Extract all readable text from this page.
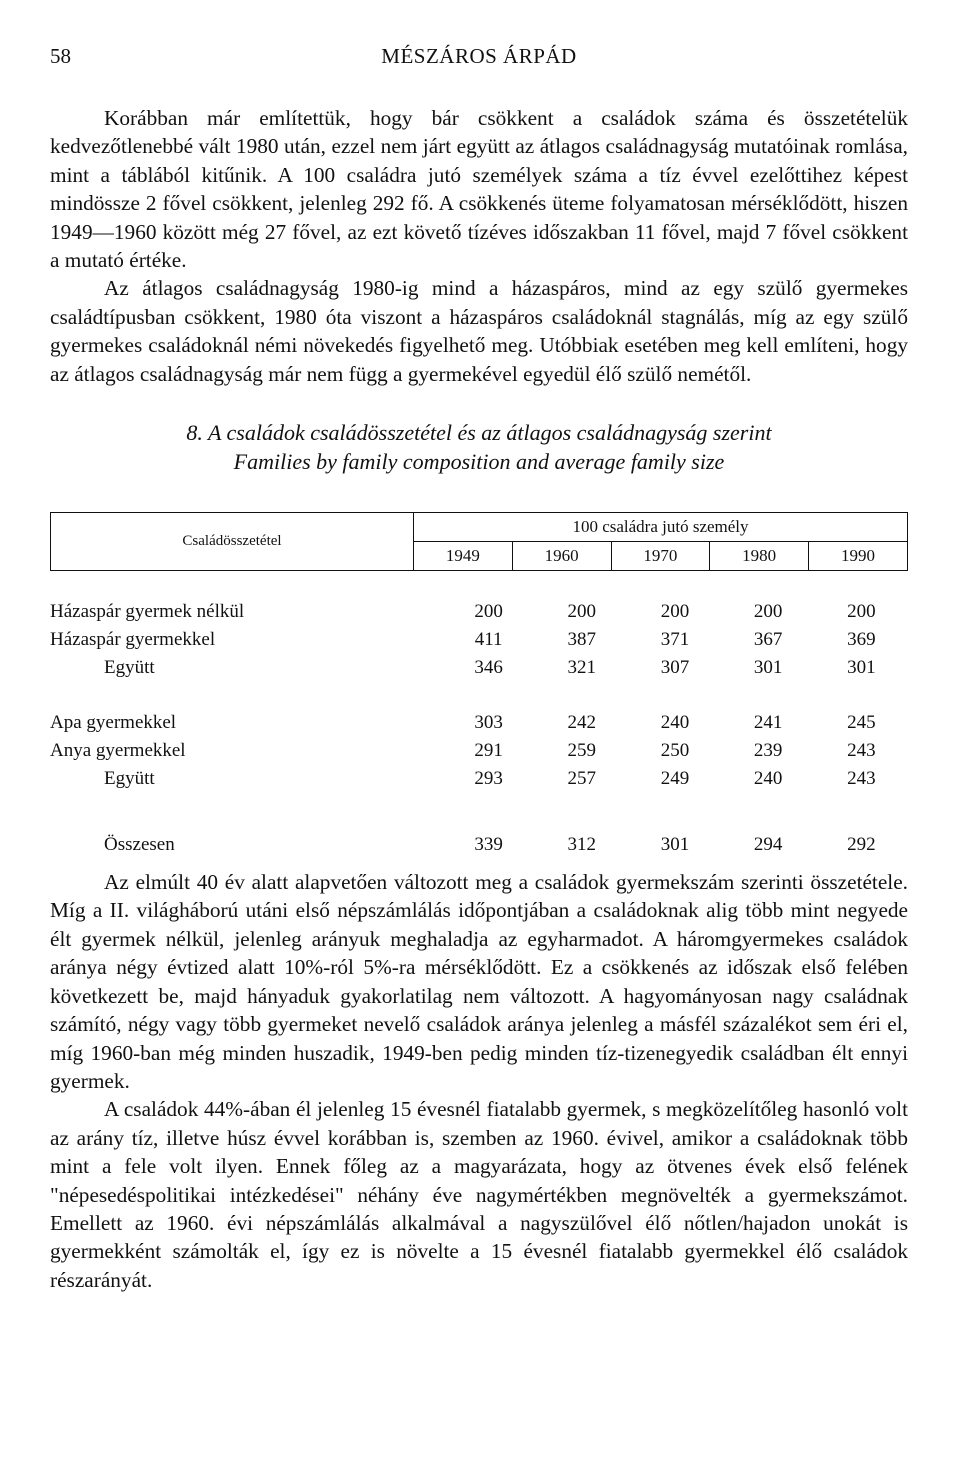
58	MÉSZÁROS ÁRPÁD

Korábban már említettük, hogy bár csökkent a családok száma és összetételük kedvezőtlenebbé vált 1980 után, ezzel nem járt együtt az átlagos családnagyság mutatóinak romlása, mint a táblából kitűnik. A 100 családra jutó személyek száma a tíz évvel ezelőttihez képest mindössze 2 fővel csökkent, jelenleg 292 fő. A csökkenés üteme folyamatosan mérséklődött, hiszen 1949—1960 között még 27 fővel, az ezt követő tízéves időszakban 11 fővel, majd 7 fővel csökkent a mutató értéke.

Az átlagos családnagyság 1980-ig mind a házaspáros, mind az egy szülő gyermekes családtípusban csökkent, 1980 óta viszont a házaspáros családoknál stagnálás, míg az egy szülő gyermekes családoknál némi növekedés figyelhető meg. Utóbbiak esetében meg kell említeni, hogy az átlagos családnagyság már nem függ a gyermekével egyedül élő szülő nemétől.

8. A családok családösszetétel és az átlagos családnagyság szerint
Families by family composition and average family size
Családösszetétel	100 családra jutó személy				
	1949	1960	1970	1980	1990
Házaspár gyermek nélkül	200	200	200	200	200
Házaspár gyermekkel	411	387	371	367	369
Együtt	346	321	307	301	301

Apa gyermekkel	303	242	240	241	245
Anya gyermekkel	291	259	250	239	243
Együtt	293	257	249	240	243

Összesen	339	312	301	294	292

Az elmúlt 40 év alatt alapvetően változott meg a családok gyermekszám szerinti összetétele. Míg a II. világháború utáni első népszámlálás időpontjában a családoknak alig több mint negyede élt gyermek nélkül, jelenleg arányuk meghaladja az egyharmadot. A háromgyermekes családok aránya négy évtized alatt 10%-ról 5%-ra mérséklődött. Ez a csökkenés az időszak első felében következett be, majd hányaduk gyakorlatilag nem változott. A hagyományosan nagy családnak számító, négy vagy több gyermeket nevelő családok aránya jelenleg a másfél százalékot sem éri el, míg 1960-ban még minden huszadik, 1949-ben pedig minden tíz-tizenegyedik családban élt ennyi gyermek.

A családok 44%-ában él jelenleg 15 évesnél fiatalabb gyermek, s megközelítőleg hasonló volt az arány tíz, illetve húsz évvel korábban is, szemben az 1960. évivel, amikor a családoknak több mint a fele volt ilyen. Ennek főleg az a magyarázata, hogy az ötvenes évek első felének "népesedéspolitikai intézkedései" néhány éve nagymértékben megnövelték a gyermekszámot. Emellett az 1960. évi népszámlálás alkalmával a nagyszülővel élő nőtlen/hajadon unokát is gyermekként számolták el, így ez is növelte a 15 évesnél fiatalabb gyermekkel élő családok részarányát.
